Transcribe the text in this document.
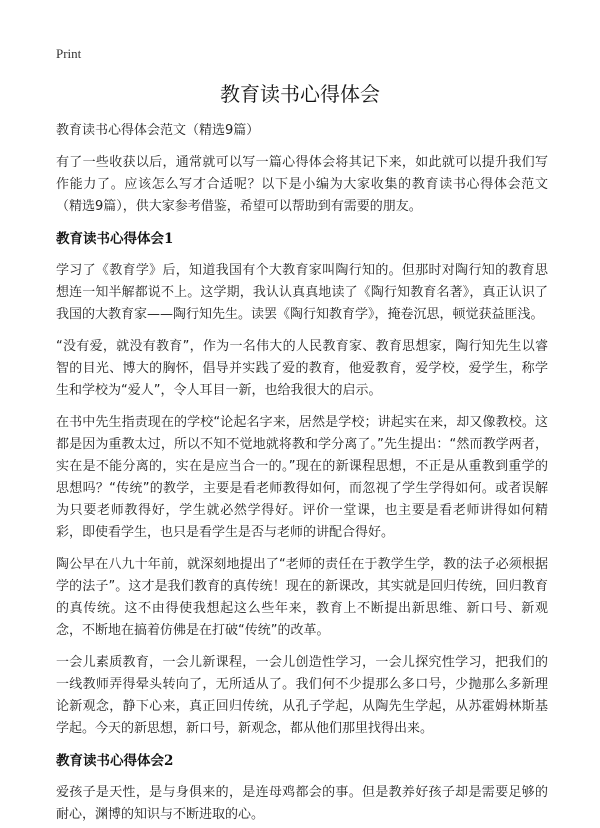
Print
教育读书心得体会
教育读书心得体会范文（精选9篇）

有了一些收获以后，通常就可以写一篇心得体会将其记下来，如此就可以提升我们写作能力了。应该怎么写才合适呢？以下是小编为大家收集的教育读书心得体会范文（精选9篇），供大家参考借鉴，希望可以帮助到有需要的朋友。

教育读书心得体会1

学习了《教育学》后，知道我国有个大教育家叫陶行知的。但那时对陶行知的教育思想连一知半解都说不上。这学期，我认认真真地读了《陶行知教育名著》，真正认识了我国的大教育家——陶行知先生。读罢《陶行知教育学》，掩卷沉思，顿觉获益匪浅。

“没有爱，就没有教育”，作为一名伟大的人民教育家、教育思想家，陶行知先生以睿智的目光、博大的胸怀，倡导并实践了爱的教育，他爱教育，爱学校，爱学生，称学生和学校为“爱人”，令人耳目一新，也给我很大的启示。

在书中先生指责现在的学校“论起名字来，居然是学校；讲起实在来，却又像教校。这都是因为重教太过，所以不知不觉地就将教和学分离了。”先生提出：“然而教学两者，实在是不能分离的，实在是应当合一的。”现在的新课程思想，不正是从重教到重学的思想吗？“传统”的教学，主要是看老师教得如何，而忽视了学生学得如何。或者误解为只要老师教得好，学生就必然学得好。评价一堂课，也主要是看老师讲得如何精彩，即使看学生，也只是看学生是否与老师的讲配合得好。

陶公早在八九十年前，就深刻地提出了“老师的责任在于教学生学，教的法子必须根据学的法子”。这才是我们教育的真传统！现在的新课改，其实就是回归传统，回归教育的真传统。这不由得使我想起这么些年来，教育上不断提出新思维、新口号、新观念，不断地在搞着仿佛是在打破“传统”的改革。

一会儿素质教育，一会儿新课程，一会儿创造性学习，一会儿探究性学习，把我们的一线教师弄得晕头转向了，无所适从了。我们何不少提那么多口号，少抛那么多新理论新观念，静下心来，真正回归传统，从孔子学起，从陶先生学起，从苏霍姆林斯基学起。今天的新思想，新口号，新观念，都从他们那里找得出来。

教育读书心得体会2

爱孩子是天性，是与身俱来的，是连母鸡都会的事。但是教养好孩子却是需要足够的耐心，渊博的知识与不断进取的心。
